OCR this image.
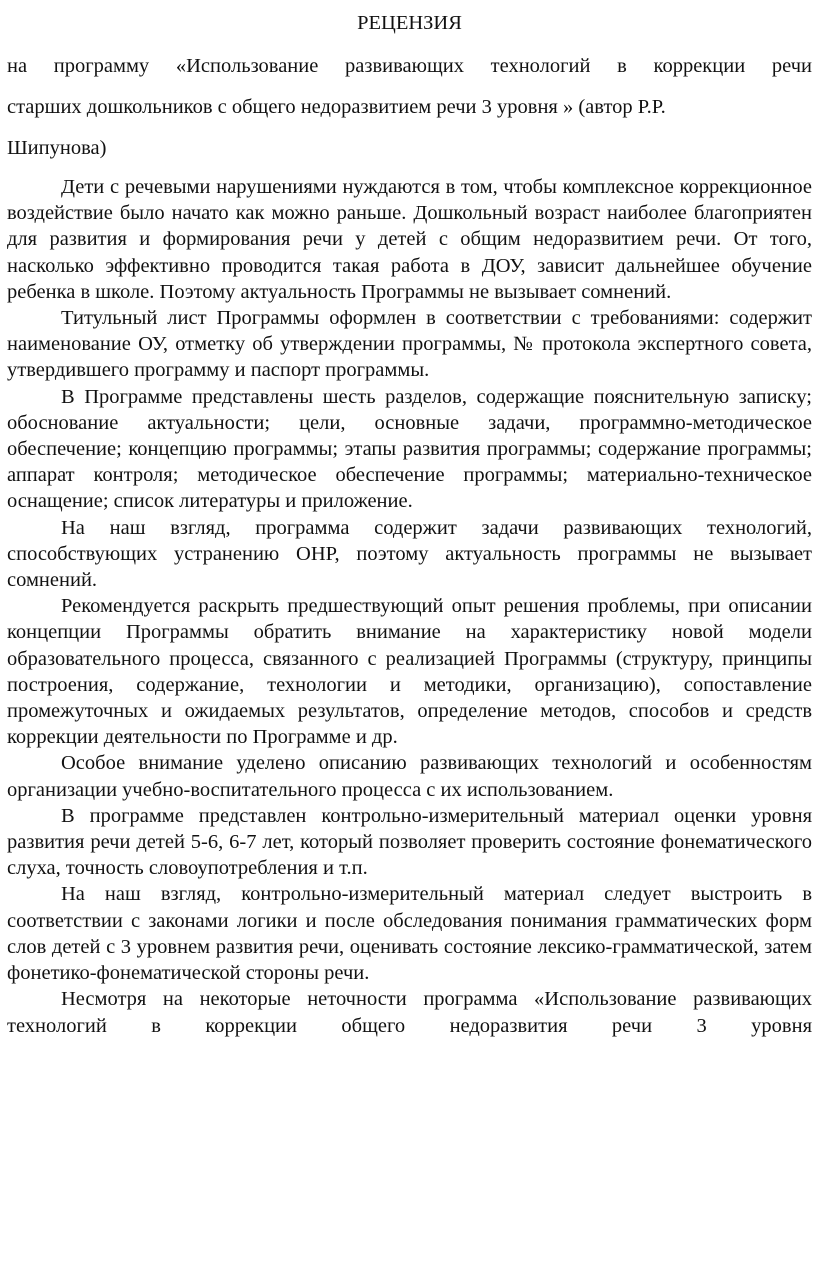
РЕЦЕНЗИЯ

на программу «Использование развивающих технологий в коррекции речи
старших дошкольников с общего недоразвитием речи 3 уровня » (автор Р.Р.
Шипунова)

Дети с речевыми нарушениями нуждаются в том, чтобы комплексное коррекционное воздействие было начато как можно раньше. Дошкольный возраст наиболее благоприятен для развития и формирования речи у детей с общим недоразвитием речи. От того, насколько эффективно проводится такая работа в ДОУ, зависит дальнейшее обучение ребенка в школе. Поэтому актуальность Программы не вызывает сомнений.

Титульный лист Программы оформлен в соответствии с требованиями: содержит наименование ОУ, отметку об утверждении программы, № протокола экспертного совета, утвердившего программу и паспорт программы.

В Программе представлены шесть разделов, содержащие пояснительную записку; обоснование актуальности; цели, основные задачи, программно-методическое обеспечение; концепцию программы; этапы развития программы; содержание программы; аппарат контроля; методическое обеспечение программы; материально-техническое оснащение; список литературы и приложение.

На наш взгляд, программа содержит задачи развивающих технологий, способствующих устранению ОНР, поэтому актуальность программы не вызывает сомнений.

Рекомендуется раскрыть предшествующий опыт решения проблемы, при описании концепции Программы обратить внимание на характеристику новой модели образовательного процесса, связанного с реализацией Программы (структуру, принципы построения, содержание, технологии и методики, организацию), сопоставление промежуточных и ожидаемых результатов, определение методов, способов и средств коррекции деятельности по Программе и др.

Особое внимание уделено описанию развивающих технологий и особенностям организации учебно-воспитательного процесса с их использованием.

В программе представлен контрольно-измерительный материал оценки уровня развития речи детей 5-6, 6-7 лет, который позволяет проверить состояние фонематического слуха, точность словоупотребления и т.п.

На наш взгляд, контрольно-измерительный материал следует выстроить в соответствии с законами логики и после обследования понимания грамматических форм слов детей с 3 уровнем развития речи, оценивать состояние лексико-грамматической, затем фонетико-фонематической стороны речи.

Несмотря на некоторые неточности программа «Использование развивающих технологий в коррекции общего недоразвития речи 3 уровня
